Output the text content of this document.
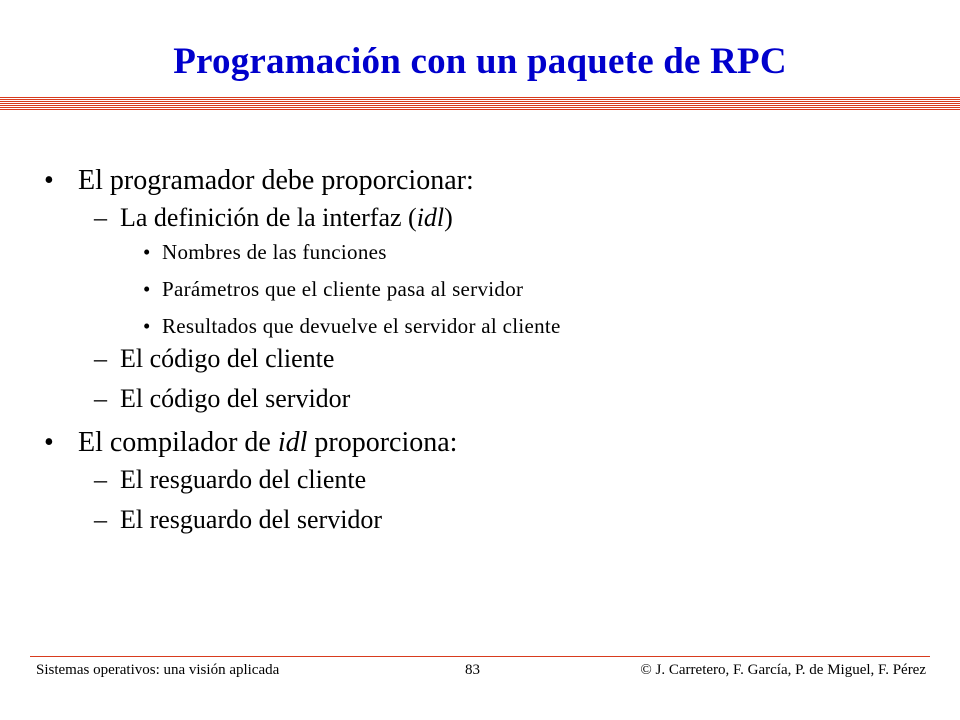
Programación con un paquete de RPC
• El programador debe proporcionar:
– La definición de la interfaz (idl)
• Nombres de las funciones
• Parámetros que el cliente pasa al servidor
• Resultados que devuelve el servidor al cliente
– El código del cliente
– El código del servidor
• El compilador de idl proporciona:
– El resguardo del cliente
– El resguardo del servidor
Sistemas operativos: una visión aplicada	83	© J. Carretero, F. García, P. de Miguel, F. Pérez
